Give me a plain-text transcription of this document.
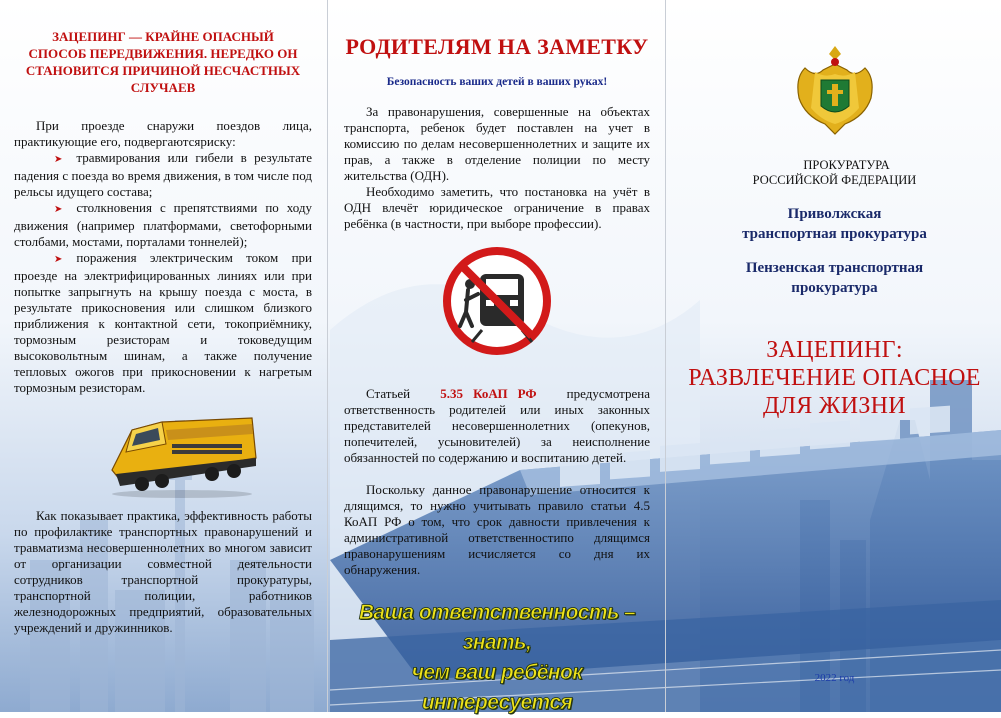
ЗАЦЕПИНГ — КРАЙНЕ ОПАСНЫЙ СПОСОБ ПЕРЕДВИЖЕНИЯ. НЕРЕДКО ОН СТАНОВИТСЯ ПРИЧИНОЙ НЕСЧАСТНЫХ СЛУЧАЕВ

При проезде снаружи поездов лица, практикующие его, подвергаютсяриску:

➤ травмирования или гибели в результате падения с поезда во время движения, в том числе под рельсы идущего состава;

➤ столкновения с препятствиями по ходу движения (например платформами, светофорными столбами, мостами, порталами тоннелей);

➤ поражения электрическим током при проезде на электрифицированных линиях или при попытке запрыгнуть на крышу поезда с моста, в результате прикосновения или слишком близкого приближения к контактной сети, токоприёмнику, тормозным резисторам и токоведущим высоковольтным шинам, а также получение тепловых ожогов при прикосновении к нагретым тормозным резисторам.

Как показывает практика, эффективность работы по профилактике транспортных правонарушений и травматизма несовершеннолетних во многом зависит от организации совместной деятельности сотрудников транспортной прокуратуры, транспортной полиции, работников железнодорожных предприятий, образовательных учреждений и дружинников.

РОДИТЕЛЯМ НА ЗАМЕТКУ

Безопасность ваших детей в ваших руках!

За правонарушения, совершенные на объектах транспорта, ребенок будет поставлен на учет в комиссию по делам несовершеннолетних и защите их прав, а также в отделение полиции по месту жительства (ОДН).

Необходимо заметить, что постановка на учёт в ОДН влечёт юридическое ограничение в правах ребёнка (в частности, при выборе профессии).

Статьей 5.35 КоАП РФ предусмотрена ответственность родителей или иных законных представителей несовершеннолетних (опекунов, попечителей, усыновителей) за неисполнение обязанностей по содержанию и воспитанию детей.

Поскольку данное правонарушение относится к длящимся, то нужно учитывать правило статьи 4.5 КоАП РФ о том, что срок давности привлечения к административной ответственностипо длящимся правонарушениям исчисляется со дня их обнаружения.

Ваша ответственность – знать,

чем ваш ребёнок интересуется

ПРОКУРАТУРА

РОССИЙСКОЙ ФЕДЕРАЦИИ

Приволжская

транспортная прокуратура

Пензенская транспортная

прокуратура

ЗАЦЕПИНГ:

РАЗВЛЕЧЕНИЕ ОПАСНОЕ

ДЛЯ ЖИЗНИ

2022 год
